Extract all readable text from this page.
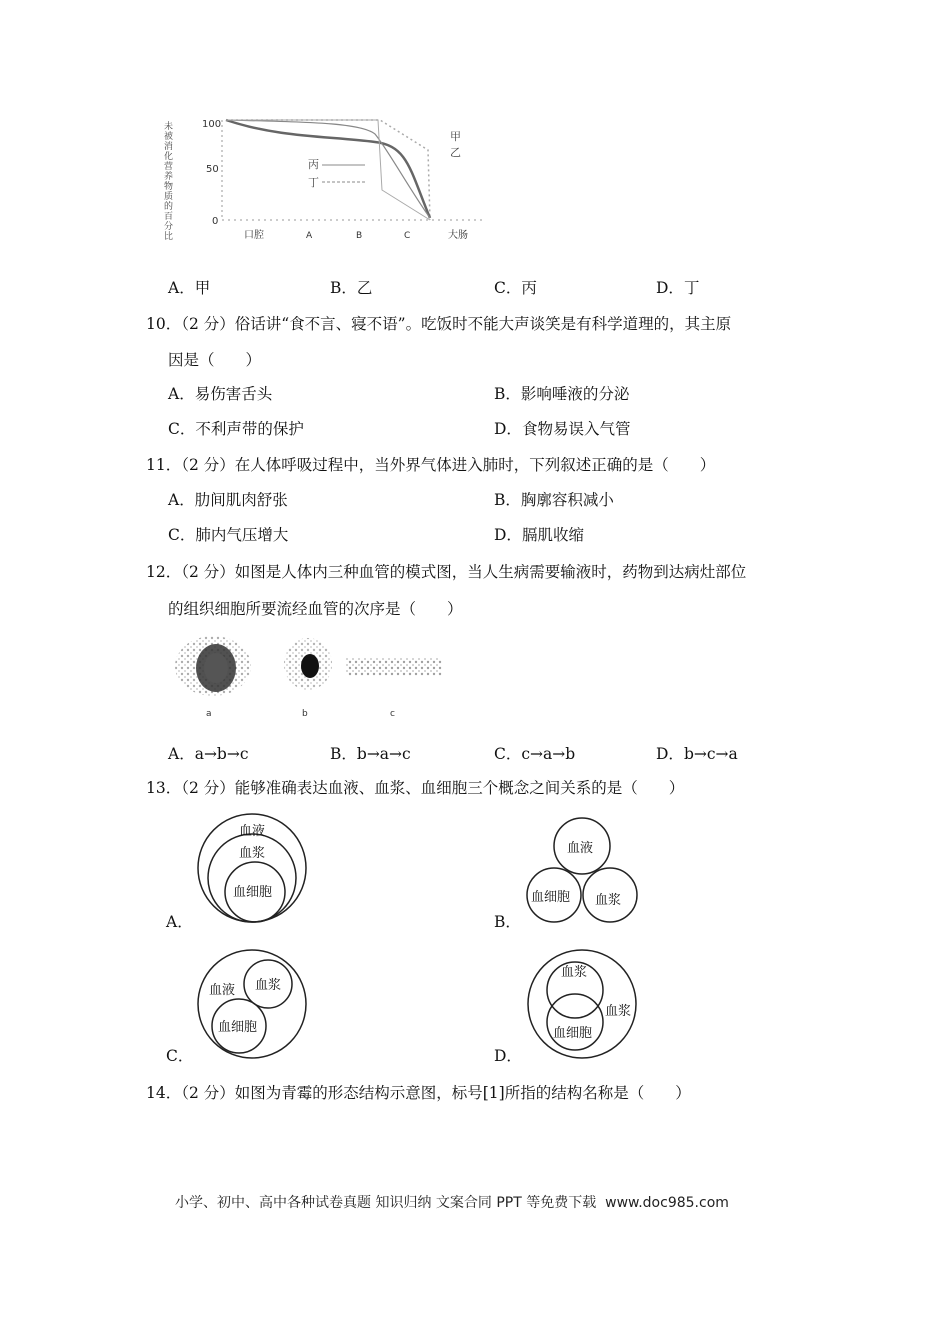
100
50
0
口腔	A	B	C	大肠
甲
乙
丙
丁
未被消化营养物质的百分比
A．甲	B．乙	C．丙	D．丁
10．（2 分）俗话讲“食不言、寝不语”。吃饭时不能大声谈笑是有科学道理的，其主原
因是（　　）
A．易伤害舌头	B．影响唾液的分泌
C．不利声带的保护	D．食物易误入气管
11．（2 分）在人体呼吸过程中，当外界气体进入肺时，下列叙述正确的是（　　）
A．肋间肌肉舒张	B．胸廓容积减小
C．肺内气压增大	D．膈肌收缩
12．（2 分）如图是人体内三种血管的模式图，当人生病需要输液时，药物到达病灶部位
的组织细胞所要流经血管的次序是（　　）
a	b	c
A．a→b→c	B．b→a→c	C．c→a→b	D．b→c→a
13．（2 分）能够准确表达血液、血浆、血细胞三个概念之间关系的是（　　）
血液
血浆
血细胞
A．
血液
血细胞 血浆
B．
血液 血浆
血细胞
C．
血浆
血浆
血细胞
D．
14．（2 分）如图为青霉的形态结构示意图，标号[1]所指的结构名称是（　　）
小学、初中、高中各种试卷真题 知识归纳 文案合同 PPT 等免费下载 www.doc985.com
